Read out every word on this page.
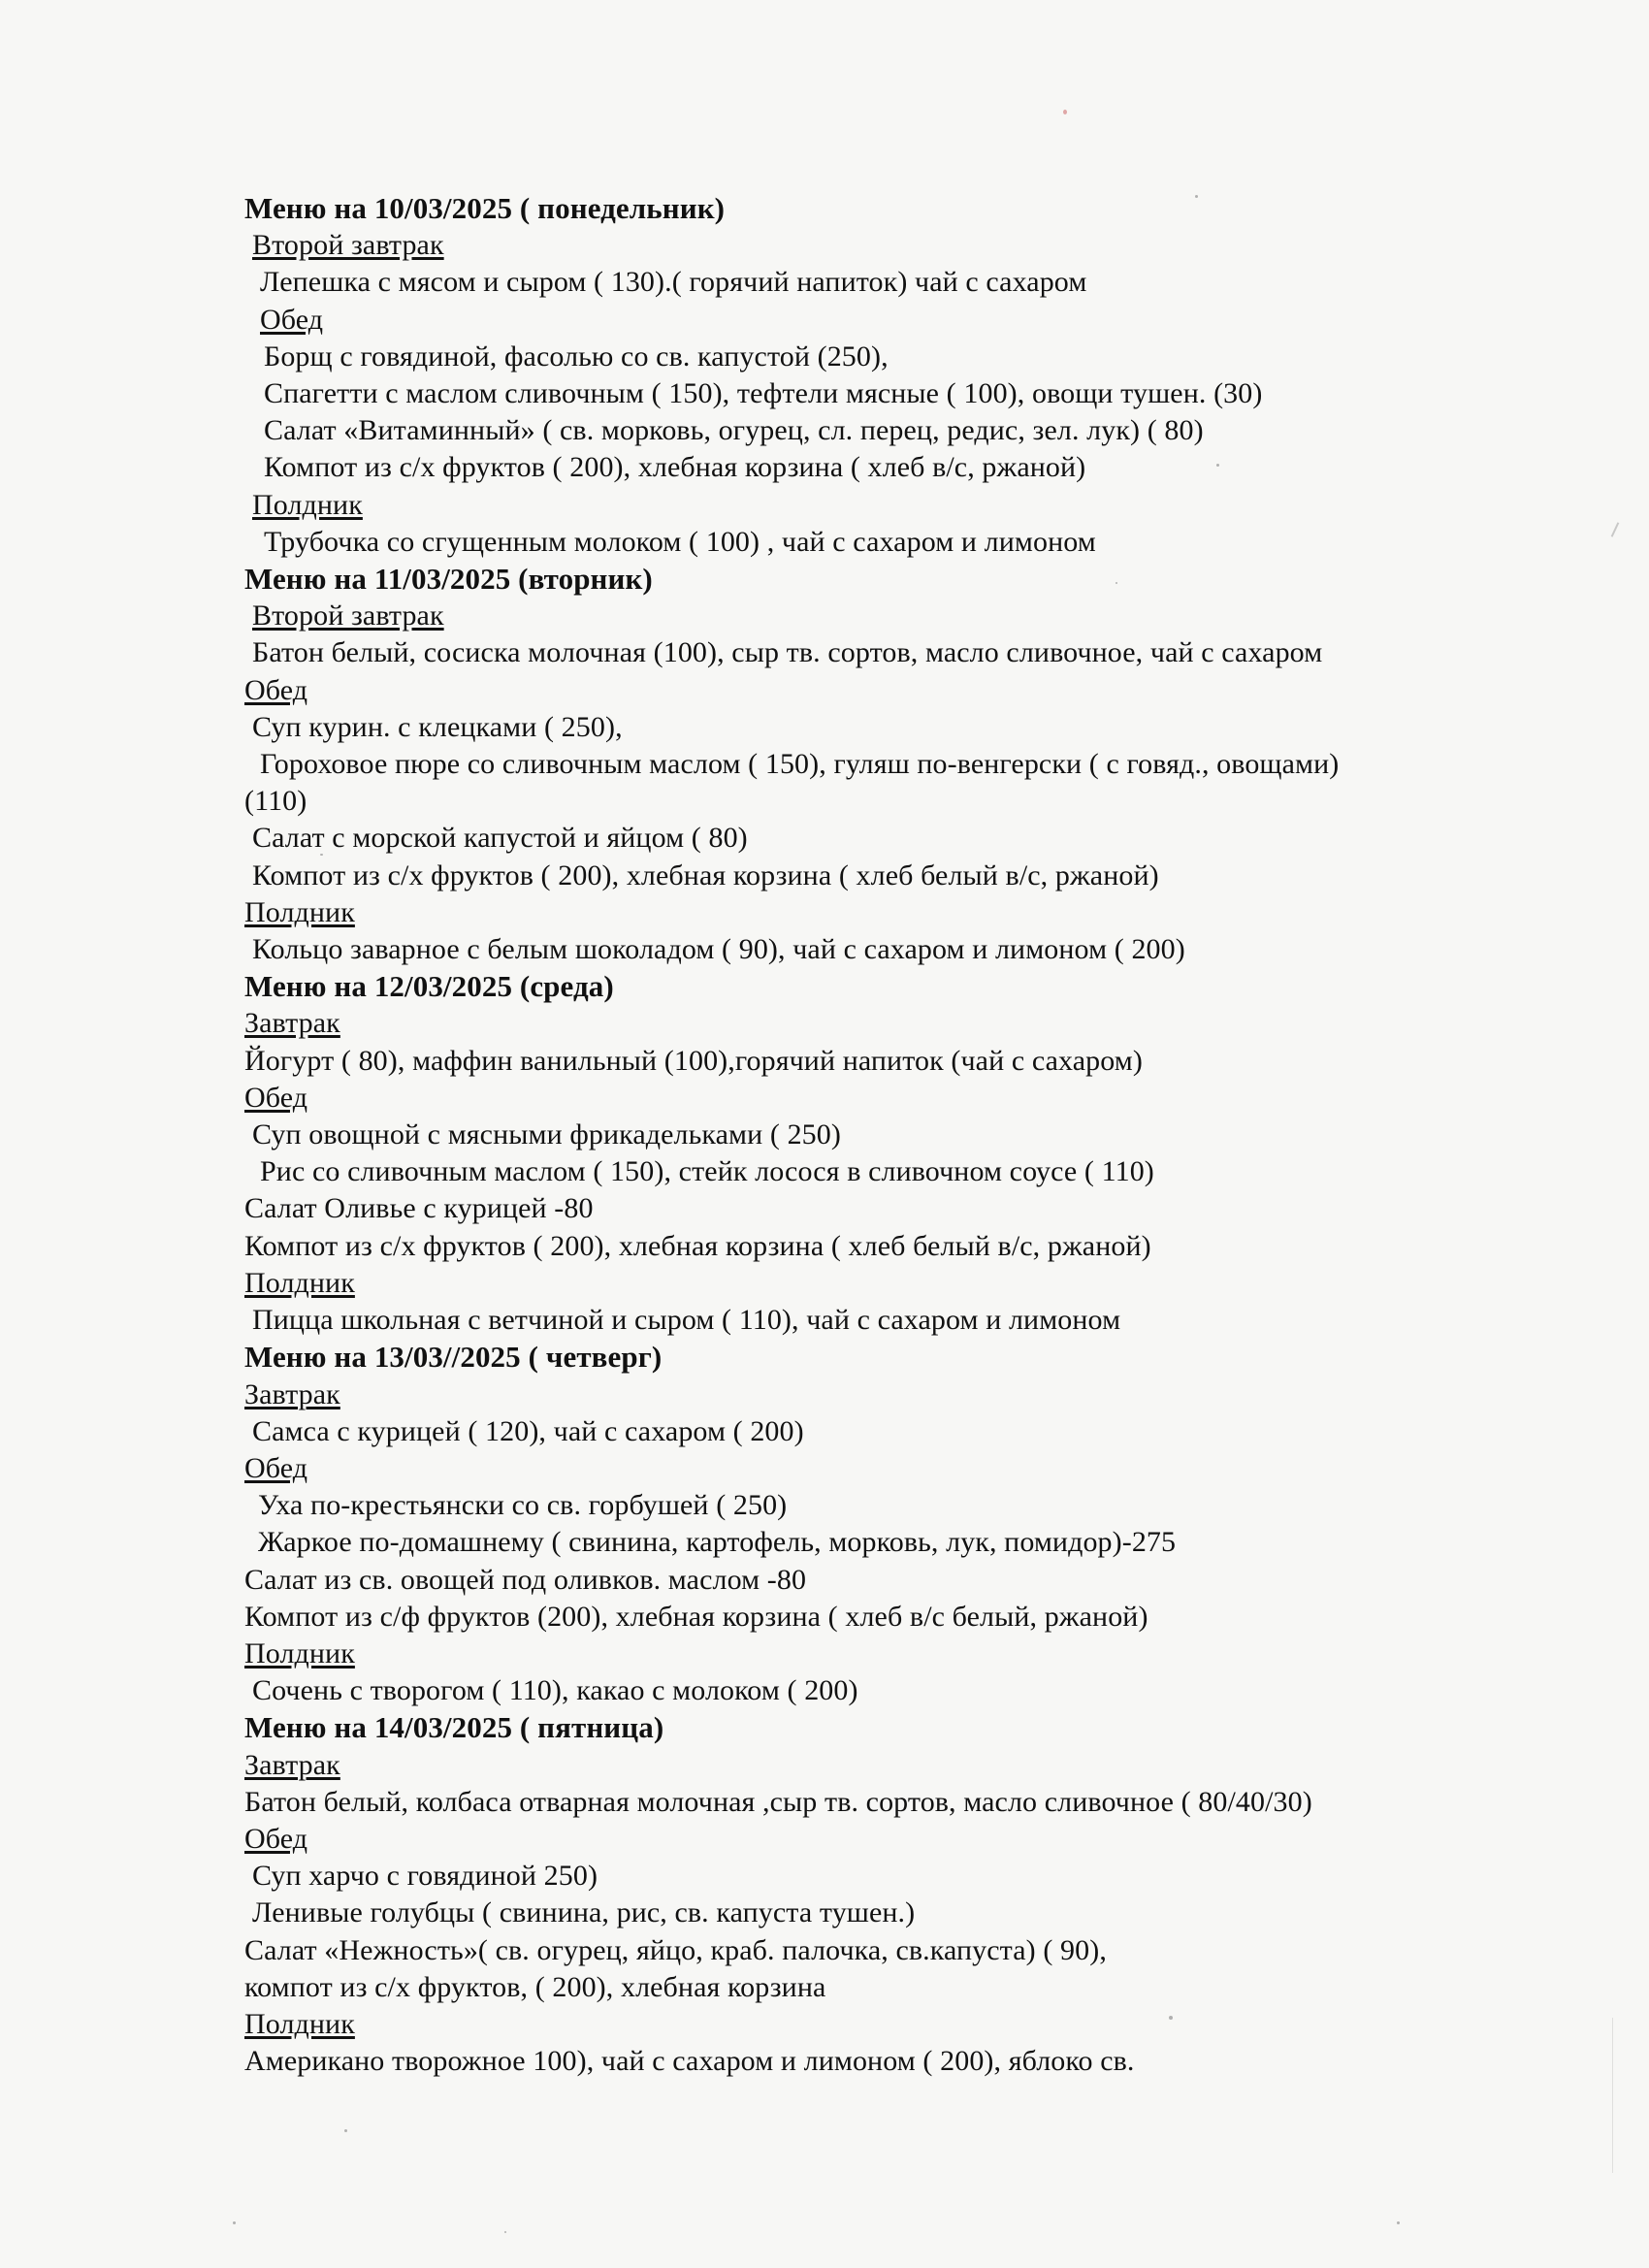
Меню на 10/03/2025 ( понедельник)
Второй завтрак
Лепешка с мясом и сыром ( 130).( горячий напиток) чай с сахаром
Обед
Борщ с говядиной, фасолью со св. капустой (250),
Спагетти с маслом сливочным ( 150), тефтели мясные ( 100), овощи тушен. (30)
Салат «Витаминный» ( св. морковь, огурец, сл. перец, редис, зел. лук) ( 80)
Компот из с/х фруктов ( 200), хлебная корзина ( хлеб в/с, ржаной)
Полдник
Трубочка со сгущенным молоком ( 100) , чай с сахаром и лимоном
Меню на 11/03/2025 (вторник)
Второй завтрак
Батон белый, сосиска молочная (100), сыр тв. сортов, масло сливочное, чай с сахаром
Обед
Суп курин. с клецками ( 250),
Гороховое пюре со сливочным маслом ( 150), гуляш по-венгерски ( с говяд., овощами)
(110)
Салат с морской капустой и яйцом ( 80)
Компот из с/х фруктов ( 200), хлебная корзина ( хлеб белый в/с, ржаной)
Полдник
Кольцо заварное с белым шоколадом ( 90), чай с сахаром и лимоном ( 200)
Меню на 12/03/2025 (среда)
Завтрак
Йогурт ( 80), маффин ванильный (100),горячий напиток (чай с сахаром)
Обед
Суп овощной с мясными фрикадельками ( 250)
Рис со сливочным маслом ( 150), стейк лосося в сливочном соусе ( 110)
Салат Оливье с курицей -80
Компот из с/х фруктов ( 200), хлебная корзина ( хлеб белый в/с, ржаной)
Полдник
Пицца школьная с ветчиной и сыром ( 110), чай с сахаром и лимоном
Меню на 13/03//2025 ( четверг)
Завтрак
Самса с курицей ( 120), чай с сахаром ( 200)
Обед
Уха по-крестьянски со св. горбушей ( 250)
Жаркое по-домашнему ( свинина, картофель, морковь, лук, помидор)-275
Салат из св. овощей под оливков. маслом -80
Компот из с/ф фруктов (200), хлебная корзина ( хлеб в/с белый, ржаной)
Полдник
Сочень с творогом ( 110), какао с молоком ( 200)
Меню на 14/03/2025 ( пятница)
Завтрак
Батон белый, колбаса отварная молочная ,сыр тв. сортов, масло сливочное ( 80/40/30)
Обед
Суп харчо с говядиной 250)
Ленивые голубцы ( свинина, рис, св. капуста тушен.)
Салат «Нежность»( св. огурец, яйцо, краб. палочка, св.капуста) ( 90),
компот из с/х фруктов, ( 200), хлебная корзина
Полдник
Американо творожное 100), чай с сахаром и лимоном ( 200), яблоко св.
